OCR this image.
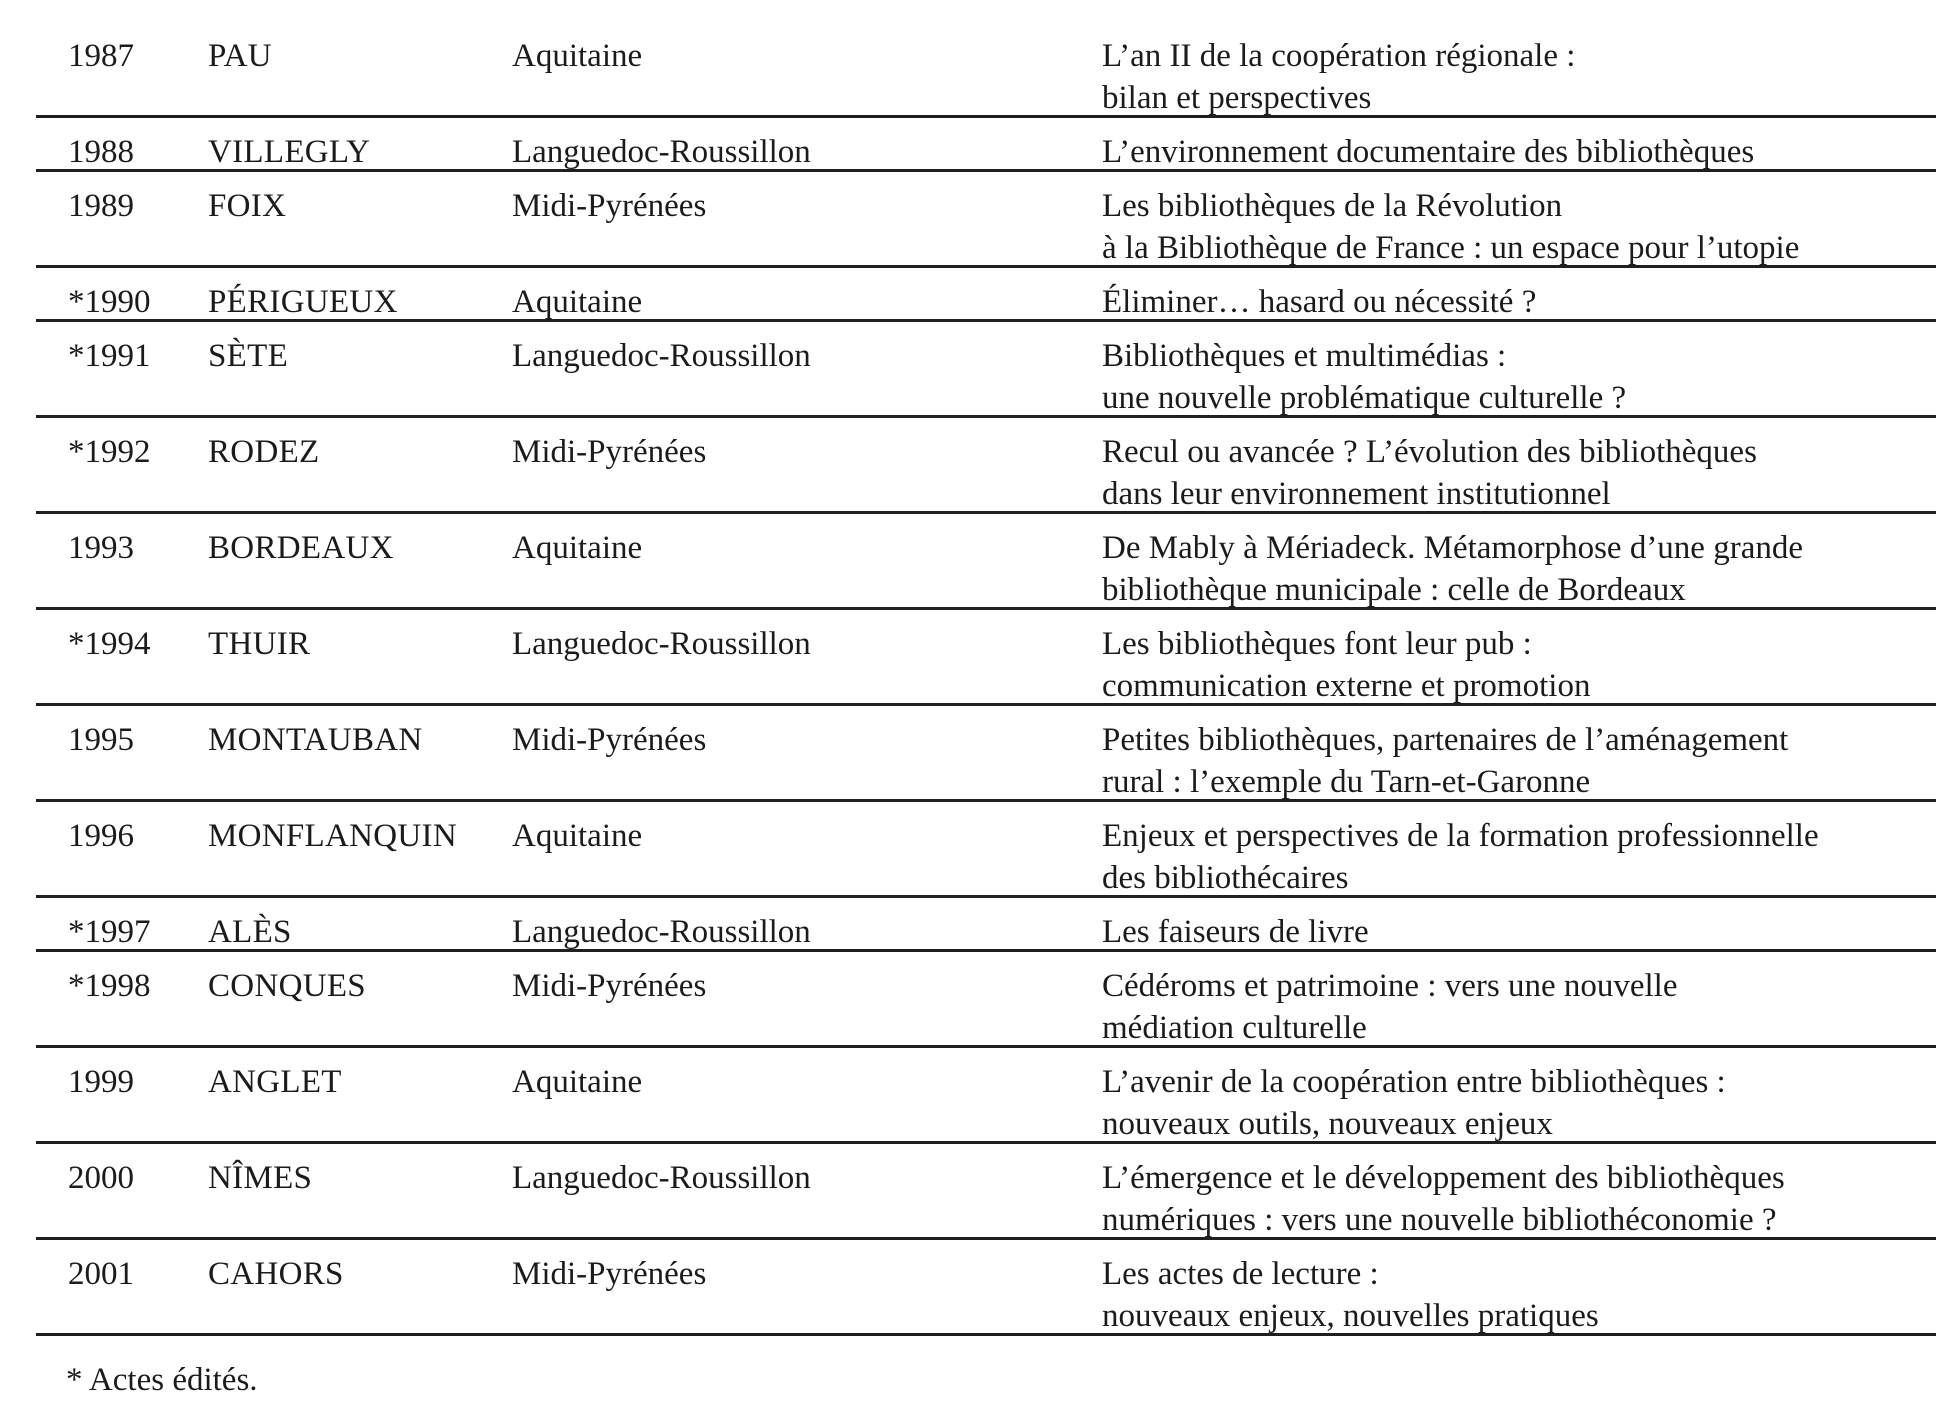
1987 PAU	Aquitaine	L’an II de la coopération régionale :
bilan et perspectives
1988 VILLEGLY	Languedoc-Roussillon	L’environnement documentaire des bibliothèques
1989 FOIX	Midi-Pyrénées	Les bibliothèques de la Révolution
à la Bibliothèque de France : un espace pour l’utopie
*1990 PÉRIGUEUX	Aquitaine	Éliminer… hasard ou nécessité ?
*1991 SÈTE	Languedoc-Roussillon	Bibliothèques et multimédias :
une nouvelle problématique culturelle ?
*1992 RODEZ	Midi-Pyrénées	Recul ou avancée ? L’évolution des bibliothèques
dans leur environnement institutionnel
1993 BORDEAUX	Aquitaine	De Mably à Mériadeck. Métamorphose d’une grande
bibliothèque municipale : celle de Bordeaux
*1994 THUIR	Languedoc-Roussillon	Les bibliothèques font leur pub :
communication externe et promotion
1995 MONTAUBAN	Midi-Pyrénées	Petites bibliothèques, partenaires de l’aménagement
rural : l’exemple du Tarn-et-Garonne
1996 MONFLANQUIN Aquitaine	Enjeux et perspectives de la formation professionnelle
des bibliothécaires
*1997 ALÈS	Languedoc-Roussillon	Les faiseurs de livre
*1998 CONQUES	Midi-Pyrénées	Cédéroms et patrimoine : vers une nouvelle
médiation culturelle
1999 ANGLET	Aquitaine	L’avenir de la coopération entre bibliothèques :
nouveaux outils, nouveaux enjeux
2000 NÎMES	Languedoc-Roussillon	L’émergence et le développement des bibliothèques
numériques : vers une nouvelle bibliothéconomie ?
2001 CAHORS	Midi-Pyrénées	Les actes de lecture :
nouveaux enjeux, nouvelles pratiques
* Actes édités.
